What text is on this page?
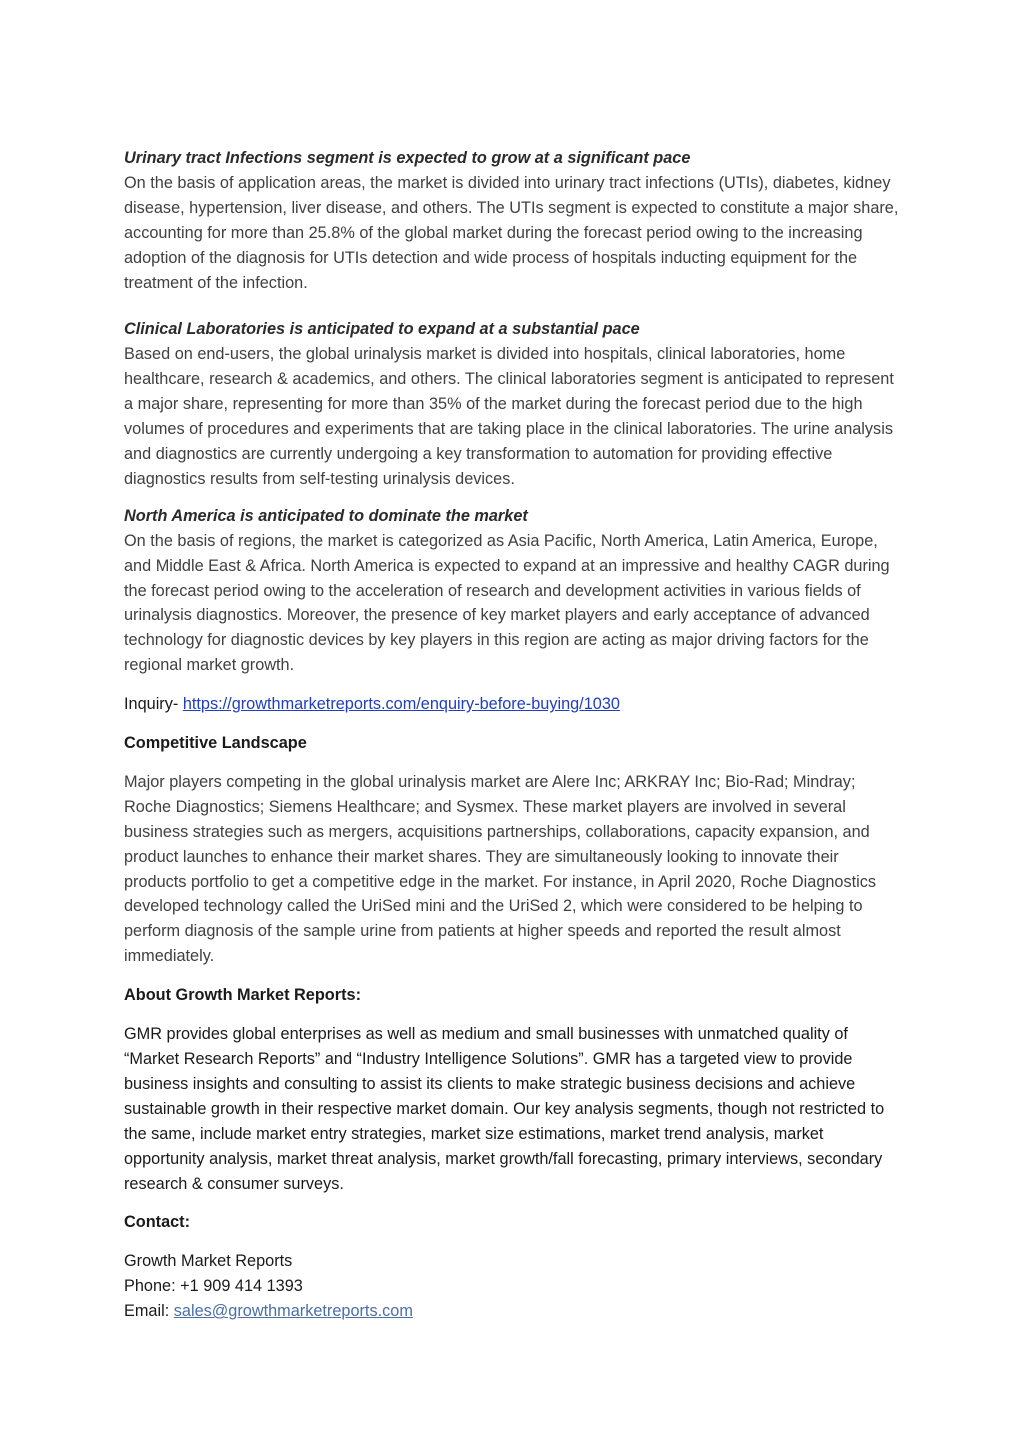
Urinary tract Infections segment is expected to grow at a significant pace

On the basis of application areas, the market is divided into urinary tract infections (UTIs), diabetes, kidney disease, hypertension, liver disease, and others. The UTIs segment is expected to constitute a major share, accounting for more than 25.8% of the global market during the forecast period owing to the increasing adoption of the diagnosis for UTIs detection and wide process of hospitals inducting equipment for the treatment of the infection.

Clinical Laboratories is anticipated to expand at a substantial pace

Based on end-users, the global urinalysis market is divided into hospitals, clinical laboratories, home healthcare, research & academics, and others. The clinical laboratories segment is anticipated to represent a major share, representing for more than 35% of the market during the forecast period due to the high volumes of procedures and experiments that are taking place in the clinical laboratories. The urine analysis and diagnostics are currently undergoing a key transformation to automation for providing effective diagnostics results from self-testing urinalysis devices.

North America is anticipated to dominate the market

On the basis of regions, the market is categorized as Asia Pacific, North America, Latin America, Europe, and Middle East & Africa. North America is expected to expand at an impressive and healthy CAGR during the forecast period owing to the acceleration of research and development activities in various fields of urinalysis diagnostics. Moreover, the presence of key market players and early acceptance of advanced technology for diagnostic devices by key players in this region are acting as major driving factors for the regional market growth.

Inquiry- https://growthmarketreports.com/enquiry-before-buying/1030

Competitive Landscape

Major players competing in the global urinalysis market are Alere Inc; ARKRAY Inc; Bio-Rad; Mindray; Roche Diagnostics; Siemens Healthcare; and Sysmex. These market players are involved in several business strategies such as mergers, acquisitions partnerships, collaborations, capacity expansion, and product launches to enhance their market shares. They are simultaneously looking to innovate their products portfolio to get a competitive edge in the market. For instance, in April 2020, Roche Diagnostics developed technology called the UriSed mini and the UriSed 2, which were considered to be helping to perform diagnosis of the sample urine from patients at higher speeds and reported the result almost immediately.

About Growth Market Reports:

GMR provides global enterprises as well as medium and small businesses with unmatched quality of “Market Research Reports” and “Industry Intelligence Solutions”. GMR has a targeted view to provide business insights and consulting to assist its clients to make strategic business decisions and achieve sustainable growth in their respective market domain. Our key analysis segments, though not restricted to the same, include market entry strategies, market size estimations, market trend analysis, market opportunity analysis, market threat analysis, market growth/fall forecasting, primary interviews, secondary research & consumer surveys.

Contact:
Growth Market Reports
Phone: +1 909 414 1393
Email: sales@growthmarketreports.com
